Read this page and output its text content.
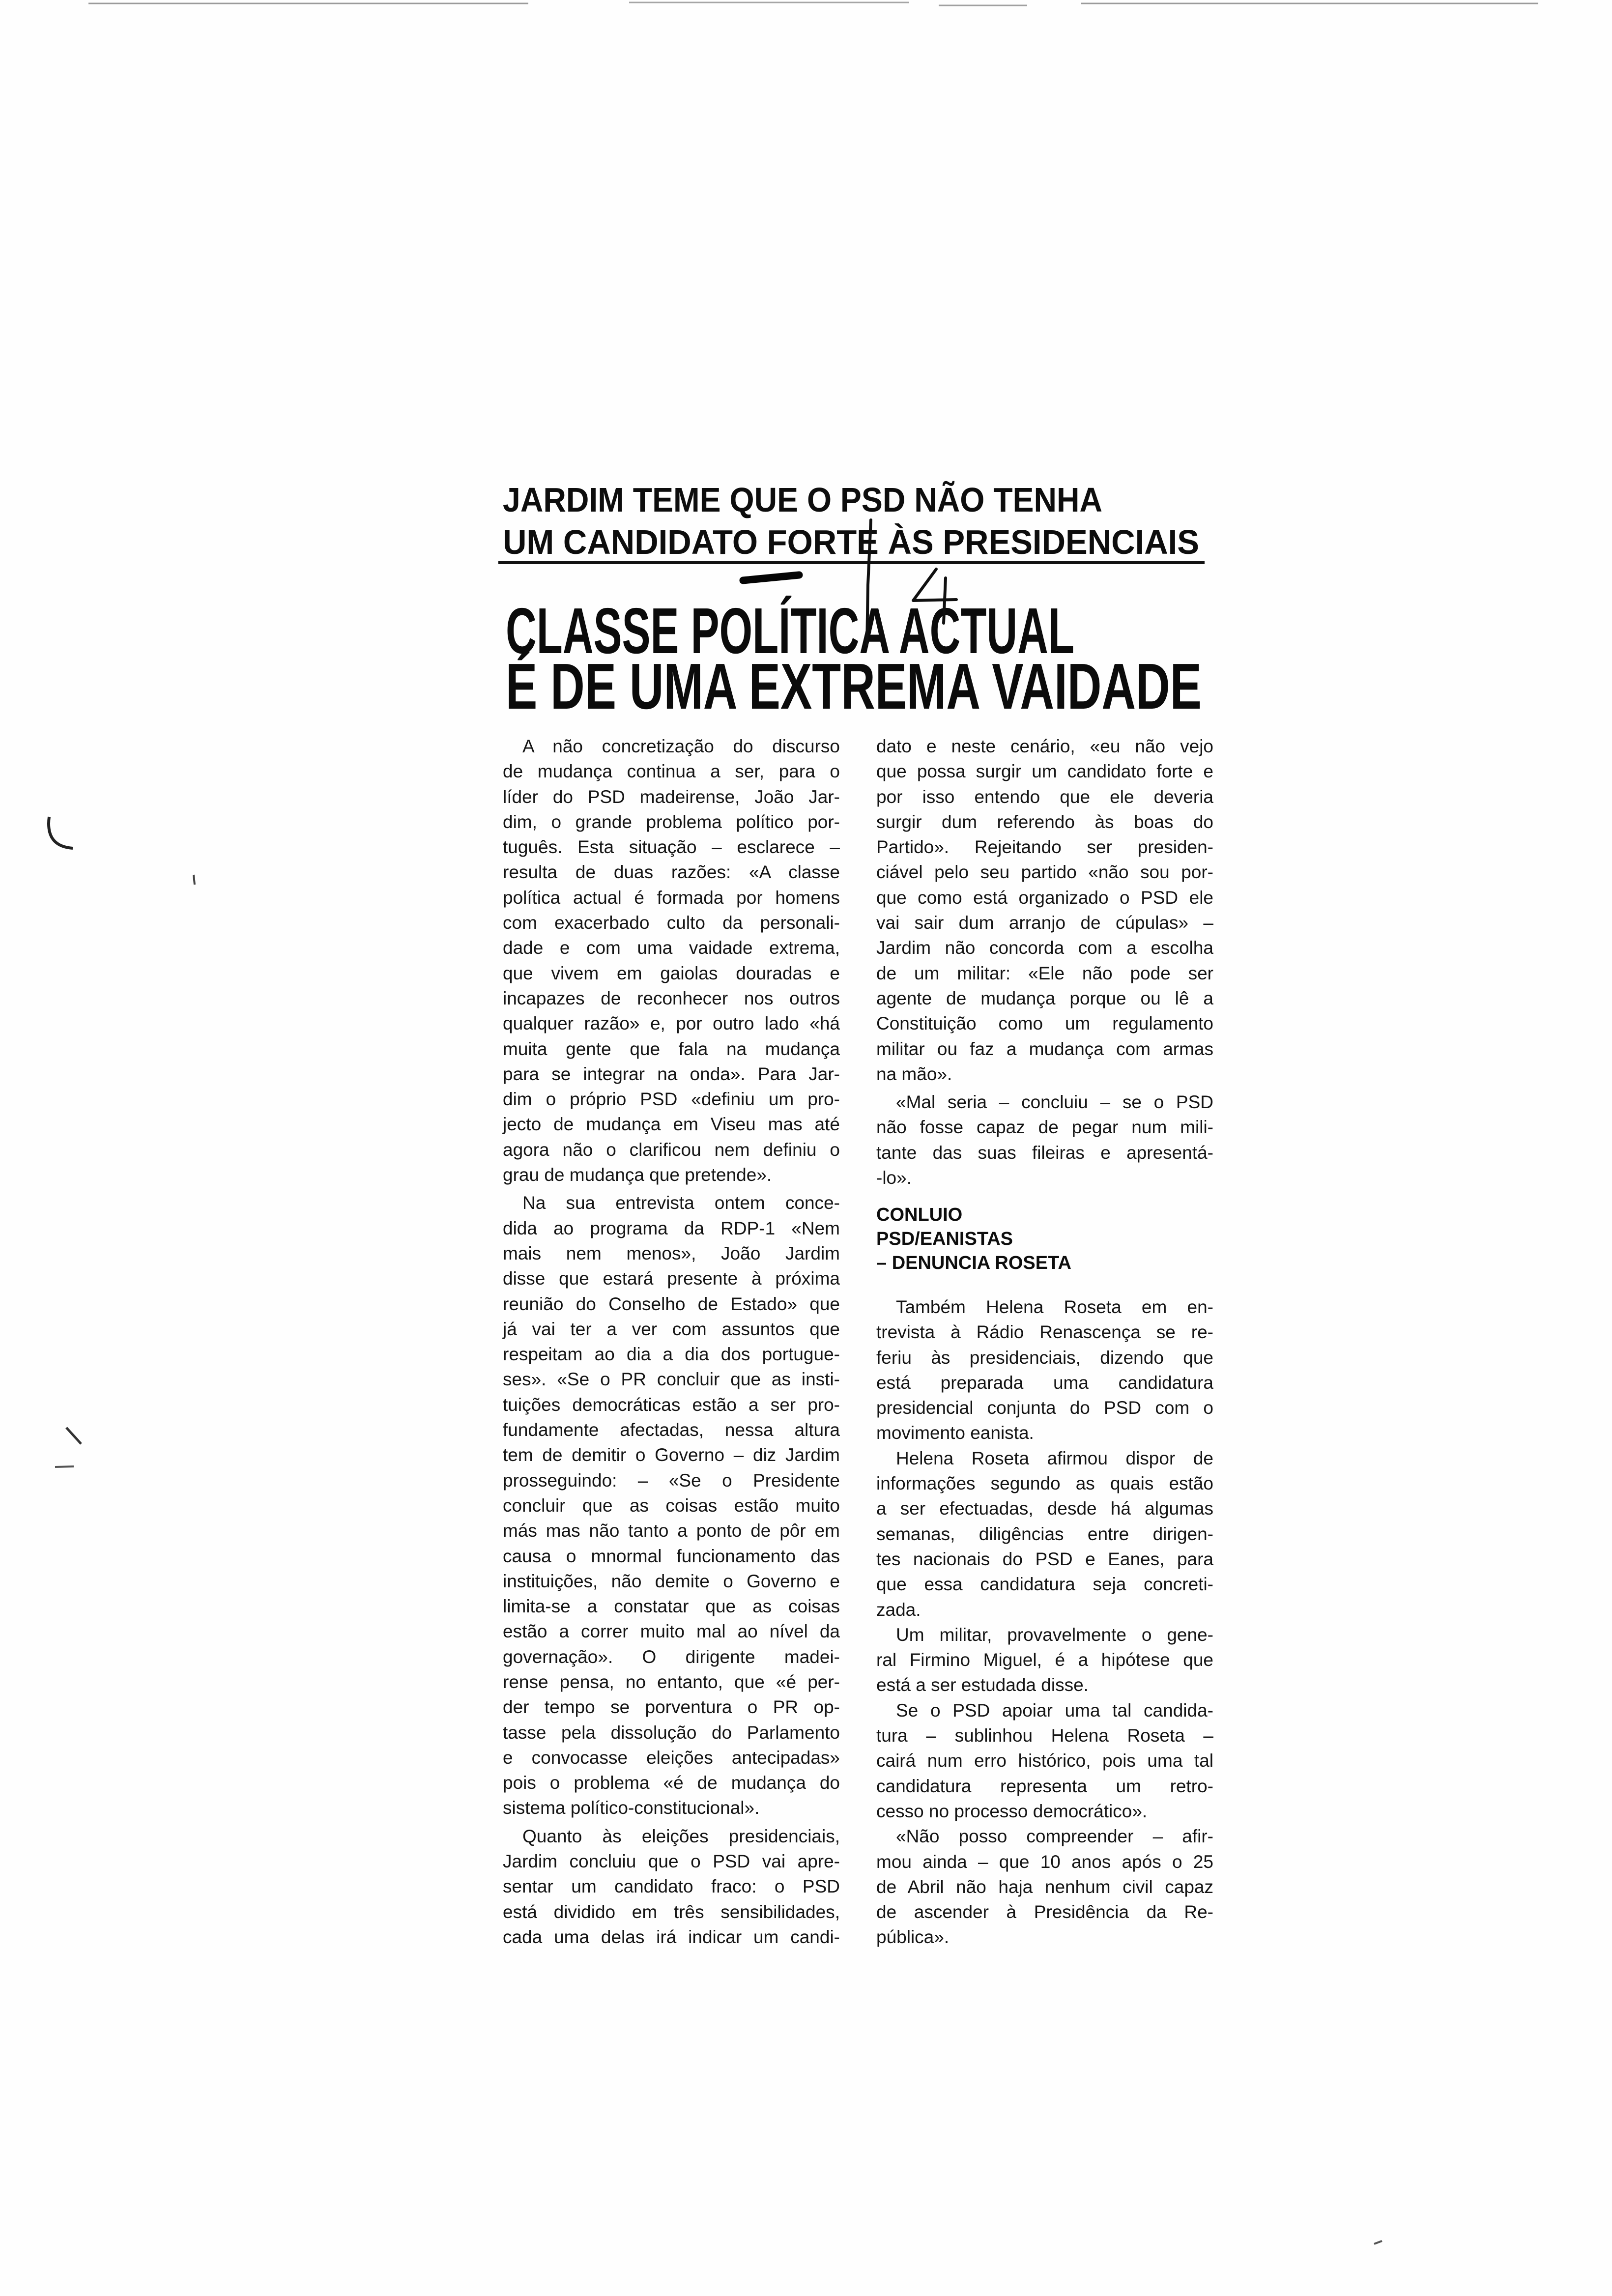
JARDIM TEME QUE O PSD NÃO TENHA
UM CANDIDATO FORTE ÀS PRESIDENCIAIS
CLASSE POLÍTICA ACTUAL
É DE UMA EXTREMA VAIDADE
A não concretização do discurso
de mudança continua a ser, para o
líder do PSD madeirense, João Jar-
dim, o grande problema político por-
tuguês. Esta situação – esclarece –
resulta de duas razões: «A classe
política actual é formada por homens
com exacerbado culto da personali-
dade e com uma vaidade extrema,
que vivem em gaiolas douradas e
incapazes de reconhecer nos outros
qualquer razão» e, por outro lado «há
muita gente que fala na mudança
para se integrar na onda». Para Jar-
dim o próprio PSD «definiu um pro-
jecto de mudança em Viseu mas até
agora não o clarificou nem definiu o
grau de mudança que pretende».
Na sua entrevista ontem conce-
dida ao programa da RDP-1 «Nem
mais nem menos», João Jardim
disse que estará presente à próxima
reunião do Conselho de Estado» que
já vai ter a ver com assuntos que
respeitam ao dia a dia dos portugue-
ses». «Se o PR concluir que as insti-
tuições democráticas estão a ser pro-
fundamente afectadas, nessa altura
tem de demitir o Governo – diz Jardim
prosseguindo: – «Se o Presidente
concluir que as coisas estão muito
más mas não tanto a ponto de pôr em
causa o mnormal funcionamento das
instituições, não demite o Governo e
limita-se a constatar que as coisas
estão a correr muito mal ao nível da
governação». O dirigente madei-
rense pensa, no entanto, que «é per-
der tempo se porventura o PR op-
tasse pela dissolução do Parlamento
e convocasse eleições antecipadas»
pois o problema «é de mudança do
sistema político-constitucional».
Quanto às eleições presidenciais,
Jardim concluiu que o PSD vai apre-
sentar um candidato fraco: o PSD
está dividido em três sensibilidades,
cada uma delas irá indicar um candi-
dato e neste cenário, «eu não vejo
que possa surgir um candidato forte e
por isso entendo que ele deveria
surgir dum referendo às boas do
Partido». Rejeitando ser presiden-
ciável pelo seu partido «não sou por-
que como está organizado o PSD ele
vai sair dum arranjo de cúpulas» –
Jardim não concorda com a escolha
de um militar: «Ele não pode ser
agente de mudança porque ou lê a
Constituição como um regulamento
militar ou faz a mudança com armas
na mão».
«Mal seria – concluiu – se o PSD
não fosse capaz de pegar num mili-
tante das suas fileiras e apresentá-
-lo».
CONLUIO
PSD/EANISTAS
– DENUNCIA ROSETA
Também Helena Roseta em en-
trevista à Rádio Renascença se re-
feriu às presidenciais, dizendo que
está preparada uma candidatura
presidencial conjunta do PSD com o
movimento eanista.
Helena Roseta afirmou dispor de
informações segundo as quais estão
a ser efectuadas, desde há algumas
semanas, diligências entre dirigen-
tes nacionais do PSD e Eanes, para
que essa candidatura seja concreti-
zada.
Um militar, provavelmente o gene-
ral Firmino Miguel, é a hipótese que
está a ser estudada disse.
Se o PSD apoiar uma tal candida-
tura – sublinhou Helena Roseta –
cairá num erro histórico, pois uma tal
candidatura representa um retro-
cesso no processo democrático».
«Não posso compreender – afir-
mou ainda – que 10 anos após o 25
de Abril não haja nenhum civil capaz
de ascender à Presidência da Re-
pública».
